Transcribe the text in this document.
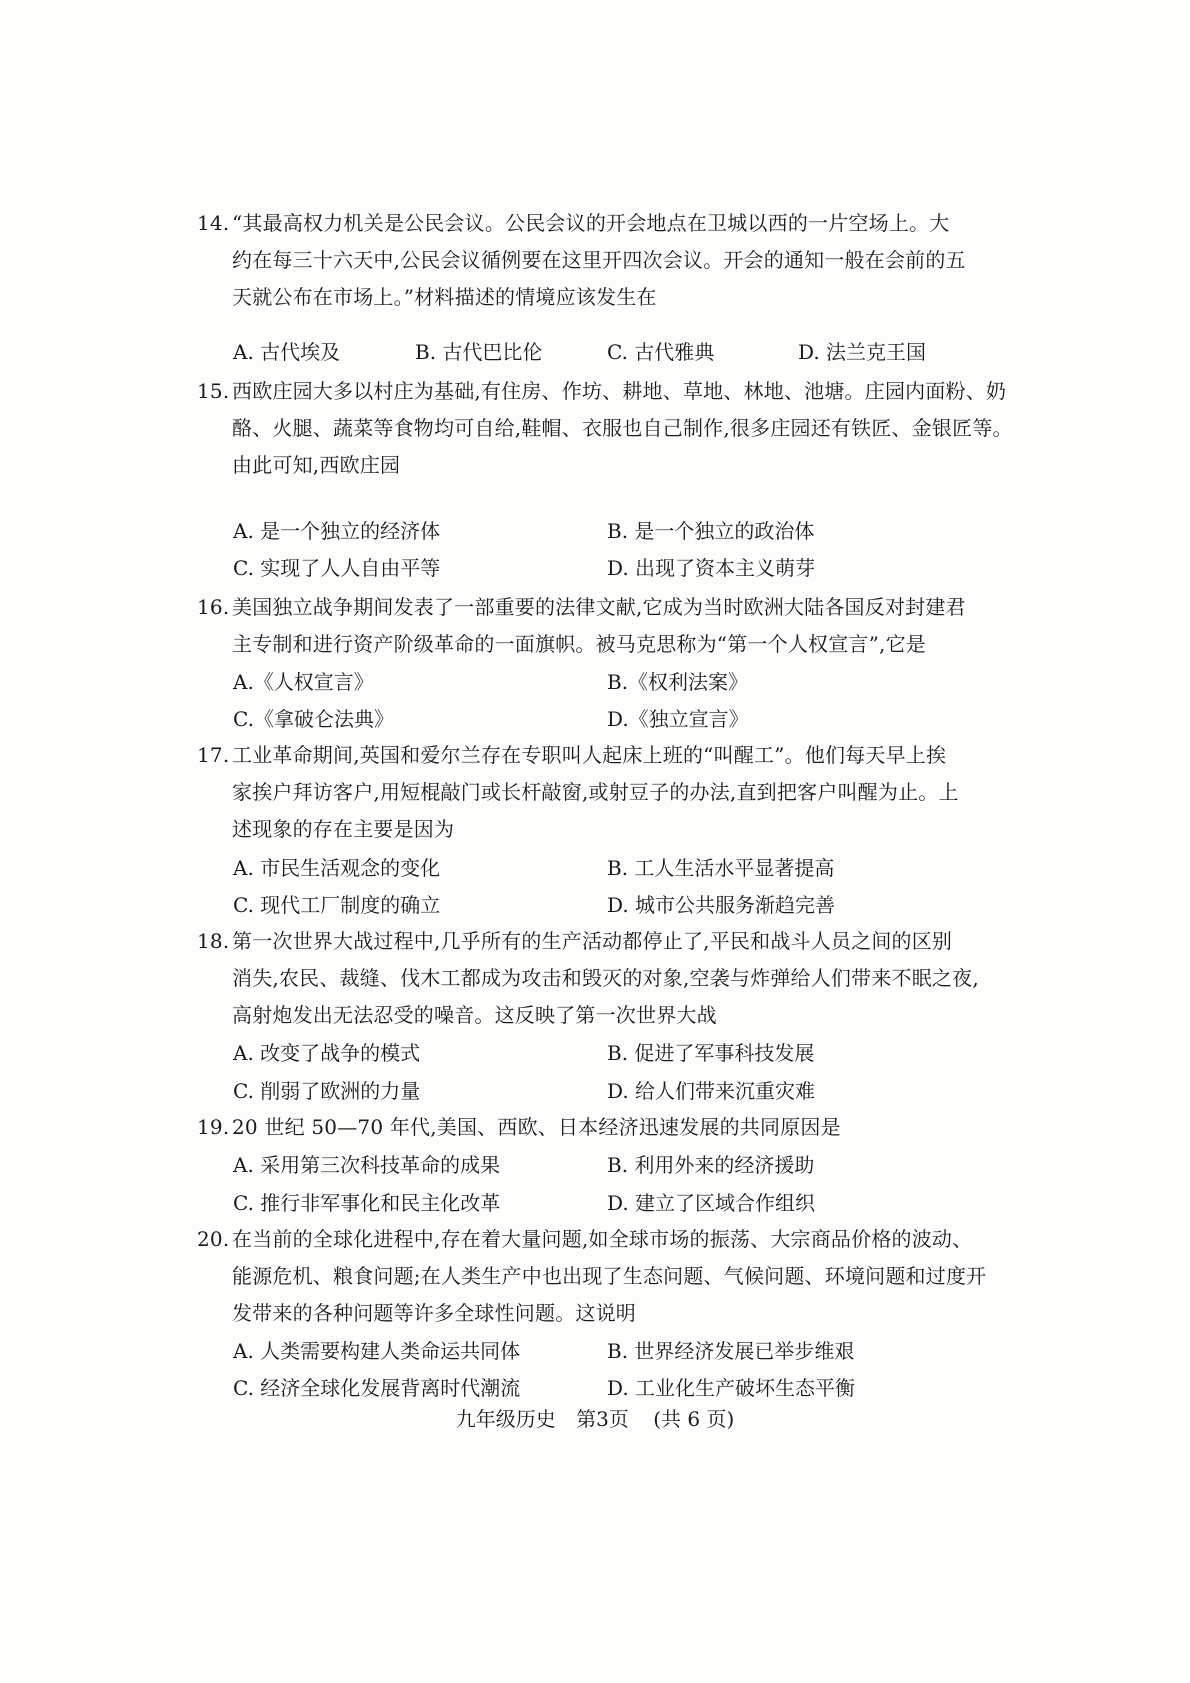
14. “其最高权力机关是公民会议。公民会议的开会地点在卫城以西的一片空场上。大
约在每三十六天中,公民会议循例要在这里开四次会议。开会的通知一般在会前的五
天就公布在市场上。”材料描述的情境应该发生在
A. 古代埃及	B. 古代巴比伦	C. 古代雅典	D. 法兰克王国
15. 西欧庄园大多以村庄为基础,有住房、作坊、耕地、草地、林地、池塘。庄园内面粉、奶
酪、火腿、蔬菜等食物均可自给,鞋帽、衣服也自己制作,很多庄园还有铁匠、金银匠等。
由此可知,西欧庄园
A. 是一个独立的经济体	B. 是一个独立的政治体
C. 实现了人人自由平等	D. 出现了资本主义萌芽
16. 美国独立战争期间发表了一部重要的法律文献,它成为当时欧洲大陆各国反对封建君
主专制和进行资产阶级革命的一面旗帜。被马克思称为“第一个人权宣言”,它是
A.《人权宣言》	B.《权利法案》
C.《拿破仑法典》	D.《独立宣言》
17. 工业革命期间,英国和爱尔兰存在专职叫人起床上班的“叫醒工”。他们每天早上挨
家挨户拜访客户,用短棍敲门或长杆敲窗,或射豆子的办法,直到把客户叫醒为止。上
述现象的存在主要是因为
A. 市民生活观念的变化	B. 工人生活水平显著提高
C. 现代工厂制度的确立	D. 城市公共服务渐趋完善
18. 第一次世界大战过程中,几乎所有的生产活动都停止了,平民和战斗人员之间的区别
消失,农民、裁缝、伐木工都成为攻击和毁灭的对象,空袭与炸弹给人们带来不眠之夜,
高射炮发出无法忍受的噪音。这反映了第一次世界大战
A. 改变了战争的模式	B. 促进了军事科技发展
C. 削弱了欧洲的力量	D. 给人们带来沉重灾难
19. 20 世纪 50—70 年代,美国、西欧、日本经济迅速发展的共同原因是
A. 采用第三次科技革命的成果	B. 利用外来的经济援助
C. 推行非军事化和民主化改革	D. 建立了区域合作组织
20. 在当前的全球化进程中,存在着大量问题,如全球市场的振荡、大宗商品价格的波动、
能源危机、粮食问题;在人类生产中也出现了生态问题、气候问题、环境问题和过度开
发带来的各种问题等许多全球性问题。这说明
A. 人类需要构建人类命运共同体	B. 世界经济发展已举步维艰
C. 经济全球化发展背离时代潮流	D. 工业化生产破坏生态平衡
九年级历史 第3页 (共 6 页)
